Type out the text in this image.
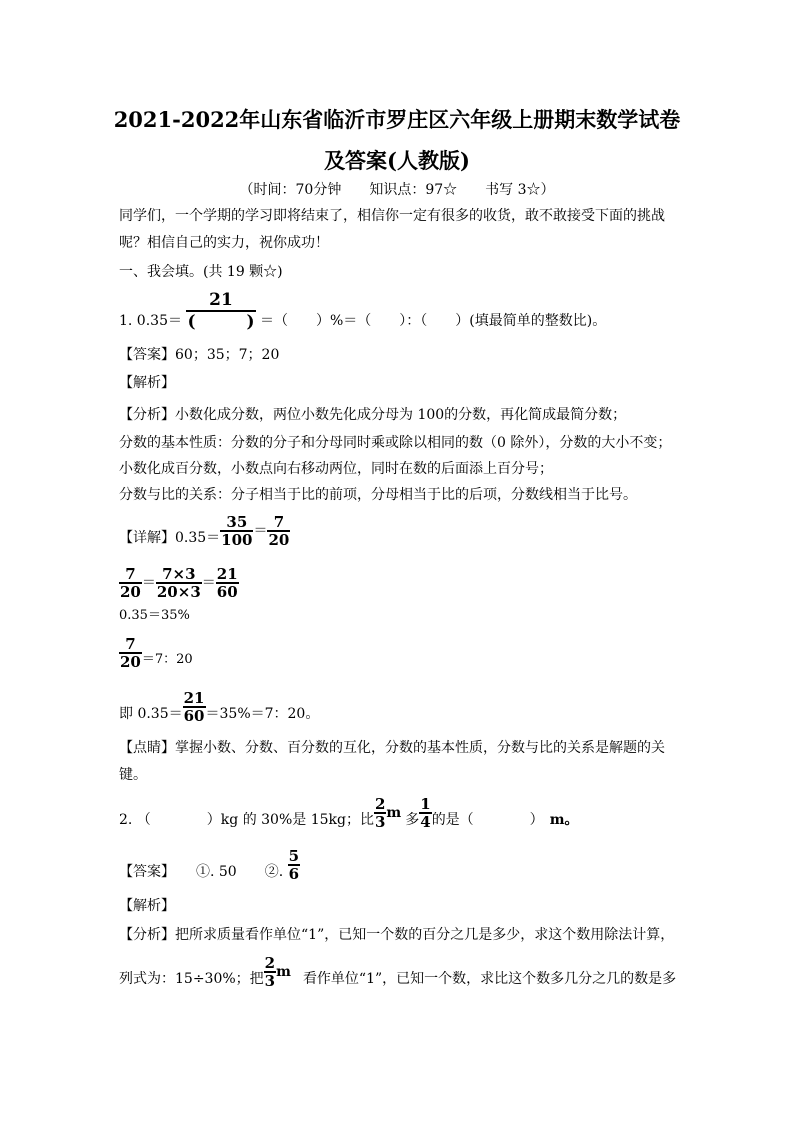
2021-2022年山东省临沂市罗庄区六年级上册期末数学试卷
及答案(人教版)
（时间：70分钟　　知识点：97☆　　书写 3☆）
同学们，一个学期的学习即将结束了，相信你一定有很多的收货，敢不敢接受下面的挑战
呢？相信自己的实力，祝你成功！
一、我会填。(共 19 颗☆)
1. $0.35= \frac{21}{( )}$ ＝（　　）%＝（　　）：（　　）(填最简单的整数比)。
【答案】60；35；7；20
【解析】
【分析】小数化成分数，两位小数先化成分母为 100的分数，再化简成最简分数；
分数的基本性质：分数的分子和分母同时乘或除以相同的数（0 除外），分数的大小不变；
小数化成百分数，小数点向右移动两位，同时在数的后面添上百分号；
分数与比的关系：分子相当于比的前项，分母相当于比的后项，分数线相当于比号。
【详解】$0.35= \frac{35}{100} = \frac{7}{20}$
$\frac{7}{20} = \frac{7\times 3}{20\times 3} = \frac{21}{60}$
0.35＝35%
$\frac{7}{20} =7$：20
即 $0.35= \frac{21}{60} =35\%=7$：20。
【点睛】掌握小数、分数、百分数的互化，分数的基本性质，分数与比的关系是解题的关
键。
2. （　　　　）kg 的 30%是 15kg；比 $\frac{2}{3}$ m 多 $\frac{1}{4}$ 的是（　　　　） m。
【答案】　　①. 50　　②. $\frac{5}{6}$
【解析】
【分析】把所求质量看作单位“1”，已知一个数的百分之几是多少，求这个数用除法计算，
列式为：15÷30%；把 $\frac{2}{3}$ m 看作单位“1”，已知一个数，求比这个数多几分之几的数是多
